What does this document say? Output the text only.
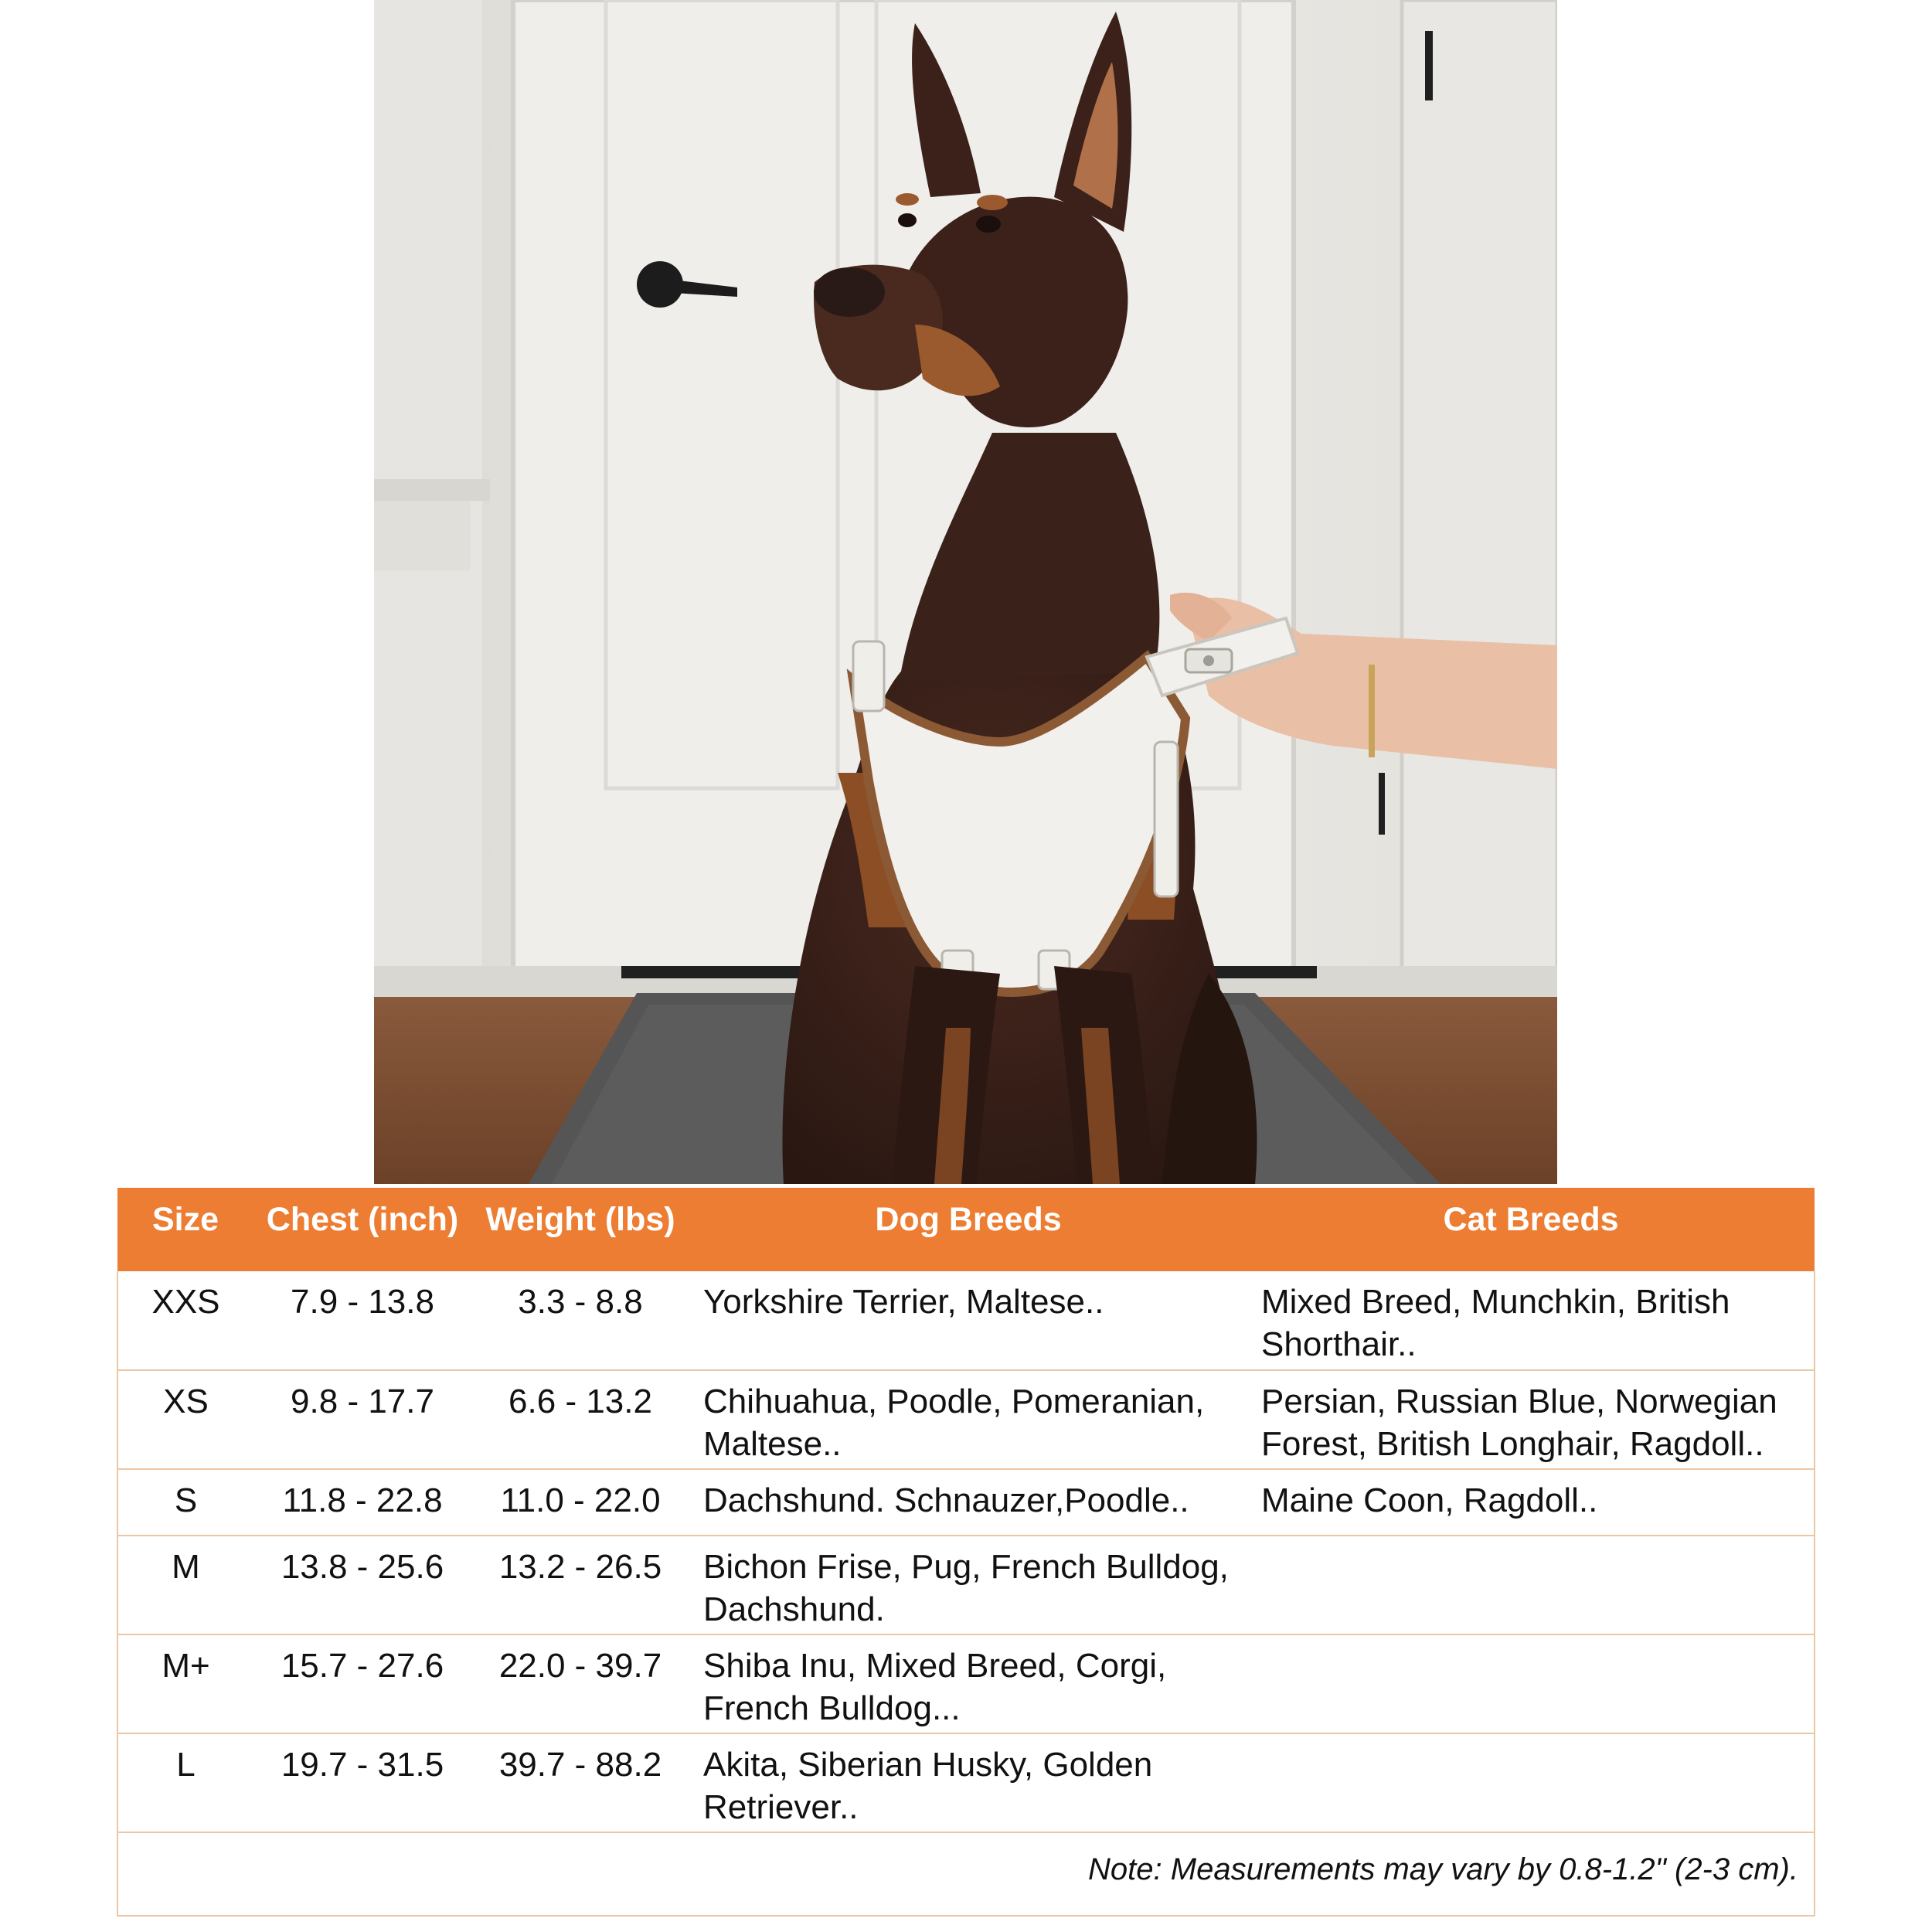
Size	Chest (inch)	Weight (lbs)	Dog Breeds	Cat Breeds
XXS	7.9 - 13.8	3.3 - 8.8	Yorkshire Terrier, Maltese..	Mixed Breed, Munchkin, British Shorthair..
XS	9.8 - 17.7	6.6 - 13.2	Chihuahua, Poodle, Pomeranian, Maltese..	Persian, Russian Blue, Norwegian Forest, British Longhair, Ragdoll..
S	11.8 - 22.8	11.0 - 22.0	Dachshund. Schnauzer,Poodle..	Maine Coon, Ragdoll..
M	13.8 - 25.6	13.2 - 26.5	Bichon Frise, Pug, French Bulldog, Dachshund.	
M+	15.7 - 27.6	22.0 - 39.7	Shiba Inu, Mixed Breed, Corgi, French Bulldog...	
L	19.7 - 31.5	39.7 - 88.2	Akita, Siberian Husky, Golden Retriever..	
Note: Measurements may vary by 0.8-1.2" (2-3 cm).				
